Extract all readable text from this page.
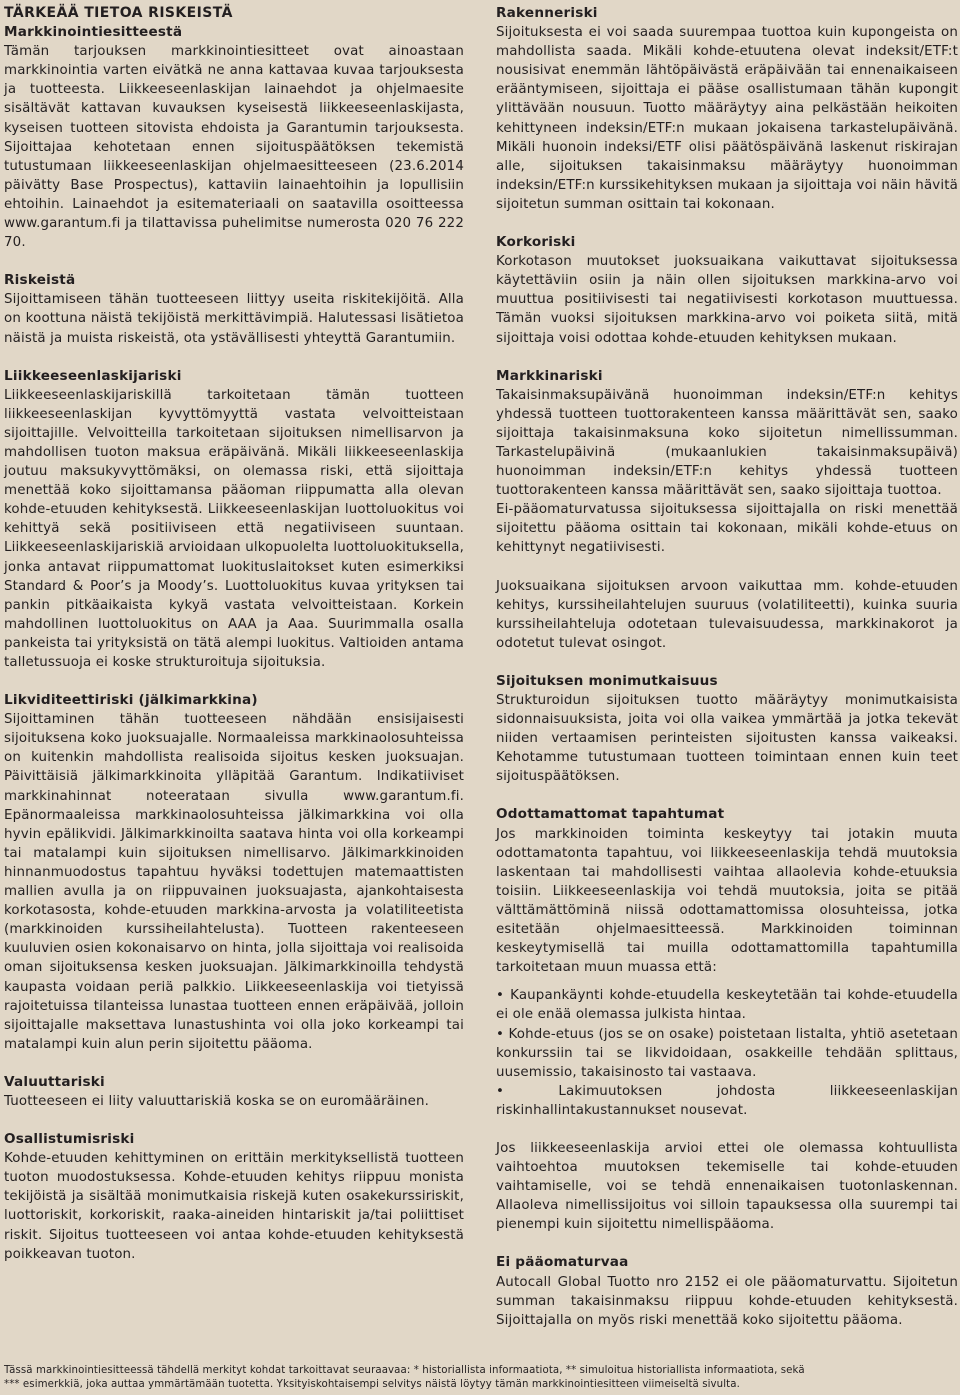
TÄRKEÄÄ TIETOA RISKEISTÄ
Markkinointiesitteestä

Tämän tarjouksen markkinointiesitteet ovat ainoastaan markkinointia varten eivätkä ne anna kattavaa kuvaa tarjouksesta ja tuotteesta. Liikkeeseenlaskijan lainaehdot ja ohjelmaesite sisältävät kattavan kuvauksen kyseisestä liikkeeseenlaskijasta, kyseisen tuotteen sitovista ehdoista ja Garantumin tarjouksesta. Sijoittajaa kehotetaan ennen sijoituspäätöksen tekemistä tutustumaan liikkeeseenlaskijan ohjelmaesitteeseen (23.6.2014 päivätty Base Prospectus), kattaviin lainaehtoihin ja lopullisiin ehtoihin. Lainaehdot ja esitemateriaali on saatavilla osoitteessa www.garantum.fi ja tilattavissa puhelimitse numerosta 020 76 222 70.

Riskeistä

Sijoittamiseen tähän tuotteeseen liittyy useita riskitekijöitä. Alla on koottuna näistä tekijöistä merkittävimpiä. Halutessasi lisätietoa näistä ja muista riskeistä, ota ystävällisesti yhteyttä Garantumiin.

Liikkeeseenlaskijariski

Liikkeeseenlaskijariskillä tarkoitetaan tämän tuotteen liikkeeseenlaskijan kyvyttömyyttä vastata velvoitteistaan sijoittajille. Velvoitteilla tarkoitetaan sijoituksen nimellisarvon ja mahdollisen tuoton maksua eräpäivänä. Mikäli liikkeeseenlaskija joutuu maksukyvyttömäksi, on olemassa riski, että sijoittaja menettää koko sijoittamansa pääoman riippumatta alla olevan kohde-etuuden kehityksestä. Liikkeeseenlaskijan luottoluokitus voi kehittyä sekä positiiviseen että negatiiviseen suuntaan. Liikkeeseenlaskijariskiä arvioidaan ulkopuolelta luottoluokituksella, jonka antavat riippumattomat luokituslaitokset kuten esimerkiksi Standard & Poor’s ja Moody’s. Luottoluokitus kuvaa yrityksen tai pankin pitkäaikaista kykyä vastata velvoitteistaan. Korkein mahdollinen luottoluokitus on AAA ja Aaa. Suurimmalla osalla pankeista tai yrityksistä on tätä alempi luokitus. Valtioiden antama talletussuoja ei koske strukturoituja sijoituksia.

Likviditeettiriski (jälkimarkkina)

Sijoittaminen tähän tuotteeseen nähdään ensisijaisesti sijoituksena koko juoksuajalle. Normaaleissa markkinaolosuhteissa on kuitenkin mahdollista realisoida sijoitus kesken juoksuajan. Päivittäisiä jälkimarkkinoita ylläpitää Garantum. Indikatiiviset markkinahinnat noteerataan sivulla www.garantum.fi. Epänormaaleissa markkinaolosuhteissa jälkimarkkina voi olla hyvin epälikvidi. Jälkimarkkinoilta saatava hinta voi olla korkeampi tai matalampi kuin sijoituksen nimellisarvo. Jälkimarkkinoiden hinnanmuodostus tapahtuu hyväksi todettujen matemaattisten mallien avulla ja on riippuvainen juoksuajasta, ajankohtaisesta korkotasosta, kohde-etuuden markkina-arvosta ja volatiliteetista (markkinoiden kurssiheilahtelusta). Tuotteen rakenteeseen kuuluvien osien kokonaisarvo on hinta, jolla sijoittaja voi realisoida oman sijoituksensa kesken juoksuajan. Jälkimarkkinoilla tehdystä kaupasta voidaan periä palkkio. Liikkeeseenlaskija voi tietyissä rajoitetuissa tilanteissa lunastaa tuotteen ennen eräpäivää, jolloin sijoittajalle maksettava lunastushinta voi olla joko korkeampi tai matalampi kuin alun perin sijoitettu pääoma.

Valuuttariski

Tuotteeseen ei liity valuuttariskiä koska se on euromääräinen.

Osallistumisriski

Kohde-etuuden kehittyminen on erittäin merkityksellistä tuotteen tuoton muodostuksessa. Kohde-etuuden kehitys riippuu monista tekijöistä ja sisältää monimutkaisia riskejä kuten osakekurssiriskit, luottoriskit, korkoriskit, raaka-aineiden hintariskit ja/tai poliittiset riskit. Sijoitus tuotteeseen voi antaa kohde-etuuden kehityksestä poikkeavan tuoton.

Rakenneriski

Sijoituksesta ei voi saada suurempaa tuottoa kuin kupongeista on mahdollista saada. Mikäli kohde-etuutena olevat indeksit/ETF:t nousisivat enemmän lähtöpäivästä eräpäivään tai ennenaikaiseen erääntymiseen, sijoittaja ei pääse osallistumaan tähän kupongit ylittävään nousuun. Tuotto määräytyy aina pelkästään heikoiten kehittyneen indeksin/ETF:n mukaan jokaisena tarkastelupäivänä. Mikäli huonoin indeksi/ETF olisi päätöspäivänä laskenut riskirajan alle, sijoituksen takaisinmaksu määräytyy huonoimman indeksin/ETF:n kurssikehityksen mukaan ja sijoittaja voi näin hävitä sijoitetun summan osittain tai kokonaan.

Korkoriski

Korkotason muutokset juoksuaikana vaikuttavat sijoituksessa käytettäviin osiin ja näin ollen sijoituksen markkina-arvo voi muuttua positiivisesti tai negatiivisesti korkotason muuttuessa. Tämän vuoksi sijoituksen markkina-arvo voi poiketa siitä, mitä sijoittaja voisi odottaa kohde-etuuden kehityksen mukaan.

Markkinariski

Takaisinmaksupäivänä huonoimman indeksin/ETF:n kehitys yhdessä tuotteen tuottorakenteen kanssa määrittävät sen, saako sijoittaja takaisinmaksuna koko sijoitetun nimellissumman. Tarkastelupäivinä (mukaanlukien takaisinmaksupäivä) huonoimman indeksin/ETF:n kehitys yhdessä tuotteen tuottorakenteen kanssa määrittävät sen, saako sijoittaja tuottoa.

Ei-pääomaturvatussa sijoituksessa sijoittajalla on riski menettää sijoitettu pääoma osittain tai kokonaan, mikäli kohde-etuus on kehittynyt negatiivisesti.

Juoksuaikana sijoituksen arvoon vaikuttaa mm. kohde-etuuden kehitys, kurssiheilahtelujen suuruus (volatiliteetti), kuinka suuria kurssiheilahteluja odotetaan tulevaisuudessa, markkinakorot ja odotetut tulevat osingot.

Sijoituksen monimutkaisuus

Strukturoidun sijoituksen tuotto määräytyy monimutkaisista sidonnaisuuksista, joita voi olla vaikea ymmärtää ja jotka tekevät niiden vertaamisen perinteisten sijoitusten kanssa vaikeaksi. Kehotamme tutustumaan tuotteen toimintaan ennen kuin teet sijoituspäätöksen.

Odottamattomat tapahtumat

Jos markkinoiden toiminta keskeytyy tai jotakin muuta odottamatonta tapahtuu, voi liikkeeseenlaskija tehdä muutoksia laskentaan tai mahdollisesti vaihtaa allaolevia kohde-etuuksia toisiin. Liikkeeseenlaskija voi tehdä muutoksia, joita se pitää välttämättöminä niissä odottamattomissa olosuhteissa, jotka esitetään ohjelmaesitteessä. Markkinoiden toiminnan keskeytymisellä tai muilla odottamattomilla tapahtumilla tarkoitetaan muun muassa että:

• Kaupankäynti kohde-etuudella keskeytetään tai kohde-etuudella ei ole enää olemassa julkista hintaa.
• Kohde-etuus (jos se on osake) poistetaan listalta, yhtiö asetetaan konkurssiin tai se likvidoidaan, osakkeille tehdään splittaus, uusemissio, takaisinosto tai vastaava.
• Lakimuutoksen johdosta liikkeeseenlaskijan riskinhallintakustannukset nousevat.

Jos liikkeeseenlaskija arvioi ettei ole olemassa kohtuullista vaihtoehtoa muutoksen tekemiselle tai kohde-etuuden vaihtamiselle, voi se tehdä ennenaikaisen tuotonlaskennan. Allaoleva nimellissijoitus voi silloin tapauksessa olla suurempi tai pienempi kuin sijoitettu nimellispääoma.

Ei pääomaturvaa

Autocall Global Tuotto nro 2152 ei ole pääomaturvattu. Sijoitetun summan takaisinmaksu riippuu kohde-etuuden kehityksestä. Sijoittajalla on myös riski menettää koko sijoitettu pääoma.

Tässä markkinointiesitteessä tähdellä merkityt kohdat tarkoittavat seuraavaa: * historiallista informaatiota, ** simuloitua historiallista informaatiota, sekä

*** esimerkkiä, joka auttaa ymmärtämään tuotetta. Yksityiskohtaisempi selvitys näistä löytyy tämän markkinointiesitteen viimeiseltä sivulta.
